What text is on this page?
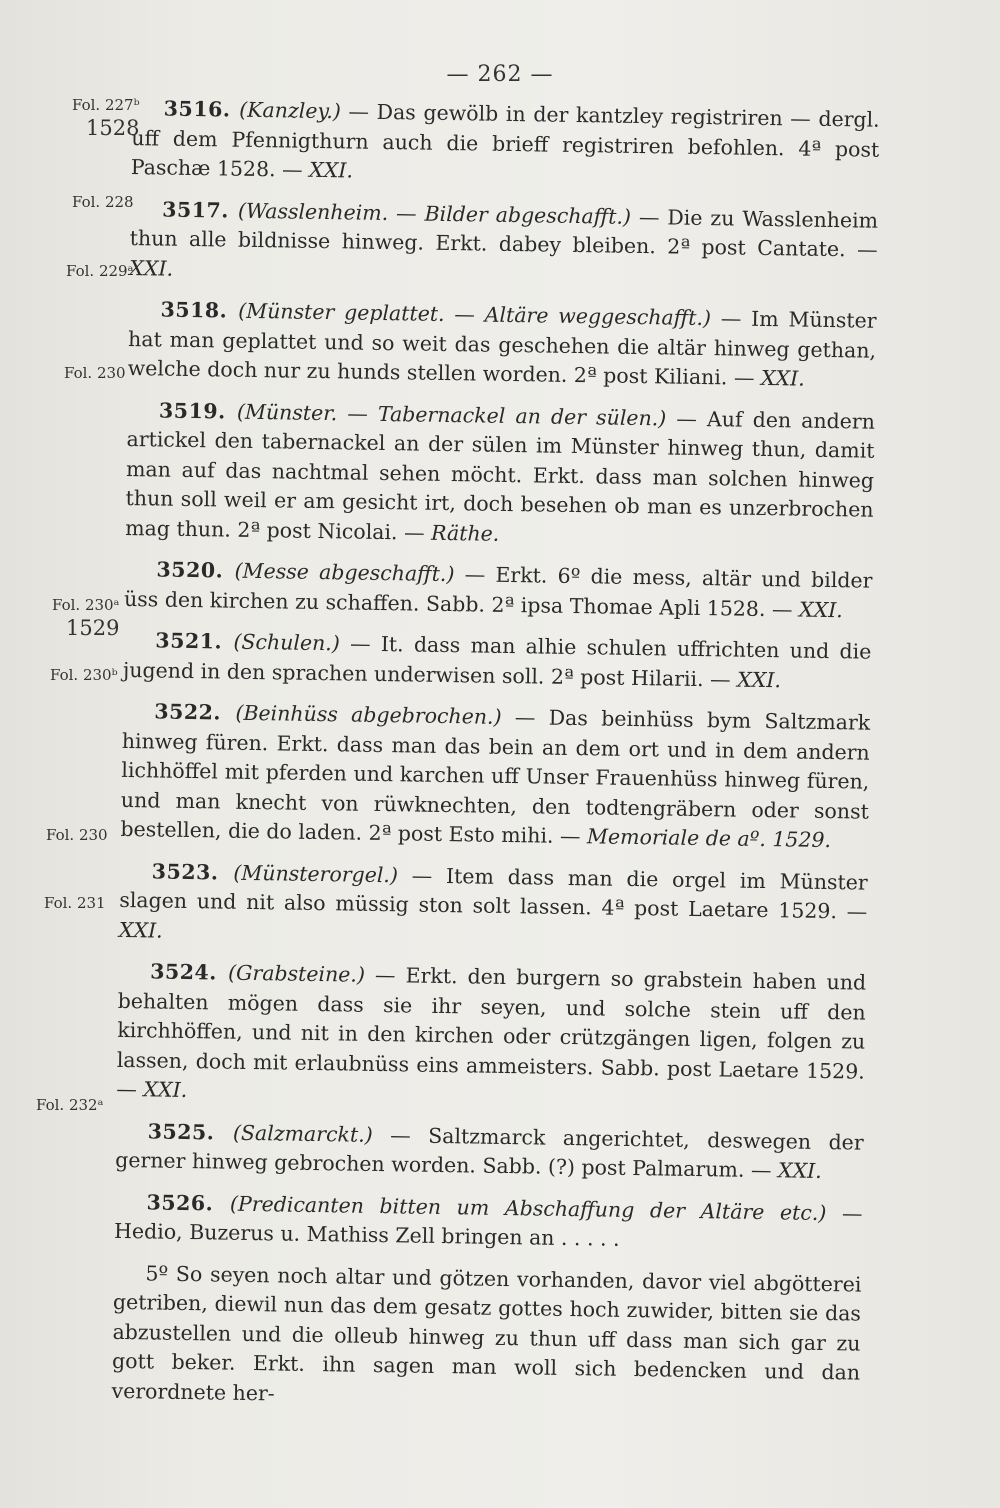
— 262 —
Fol. 227ᵇ
1528
Fol. 228
Fol. 229ᵃ
Fol. 230
Fol. 230ᵃ
1529
Fol. 230ᵇ
Fol. 230
Fol. 231
Fol. 232ᵃ

3516. (Kanzley.) — Das gewölb in der kantzley registriren — dergl. uff dem Pfennigthurn auch die brieff registriren befohlen. 4ª post Paschæ 1528. — XXI.

3517. (Wasslenheim. — Bilder abgeschafft.) — Die zu Wasslenheim thun alle bildnisse hinweg. Erkt. dabey bleiben. 2ª post Cantate. — XXI.

3518. (Münster geplattet. — Altäre weggeschafft.) — Im Münster hat man geplattet und so weit das geschehen die altär hinweg gethan, welche doch nur zu hunds stellen worden. 2ª post Kiliani. — XXI.

3519. (Münster. — Tabernackel an der sülen.) — Auf den andern artickel den tabernackel an der sülen im Münster hinweg thun, damit man auf das nachtmal sehen möcht. Erkt. dass man solchen hinweg thun soll weil er am gesicht irt, doch besehen ob man es unzerbrochen mag thun. 2ª post Nicolai. — Räthe.

3520. (Messe abgeschafft.) — Erkt. 6º die mess, altär und bilder üss den kirchen zu schaffen. Sabb. 2ª ipsa Thomae Apli 1528. — XXI.

3521. (Schulen.) — It. dass man alhie schulen uffrichten und die jugend in den sprachen underwisen soll. 2ª post Hilarii. — XXI.

3522. (Beinhüss abgebrochen.) — Das beinhüss bym Saltzmark hinweg füren. Erkt. dass man das bein an dem ort und in dem andern lichhöffel mit pferden und karchen uff Unser Frauenhüss hinweg füren, und man knecht von rüwknechten, den todtengräbern oder sonst bestellen, die do laden. 2ª post Esto mihi. — Memoriale de aº. 1529.

3523. (Münsterorgel.) — Item dass man die orgel im Münster slagen und nit also müssig ston solt lassen. 4ª post Laetare 1529. — XXI.

3524. (Grabsteine.) — Erkt. den burgern so grabstein haben und behalten mögen dass sie ihr seyen, und solche stein uff den kirchhöffen, und nit in den kirchen oder crützgängen ligen, folgen zu lassen, doch mit erlaubnüss eins ammeisters. Sabb. post Laetare 1529. — XXI.

3525. (Salzmarckt.) — Saltzmarck angerichtet, deswegen der gerner hinweg gebrochen worden. Sabb. (?) post Palmarum. — XXI.

3526. (Predicanten bitten um Abschaffung der Altäre etc.) — Hedio, Buzerus u. Mathiss Zell bringen an . . . . .

5º So seyen noch altar und götzen vorhanden, davor viel abgötterei getriben, diewil nun das dem gesatz gottes hoch zuwider, bitten sie das abzustellen und die olleub hinweg zu thun uff dass man sich gar zu gott beker. Erkt. ihn sagen man woll sich bedencken und dan verordnete her-
